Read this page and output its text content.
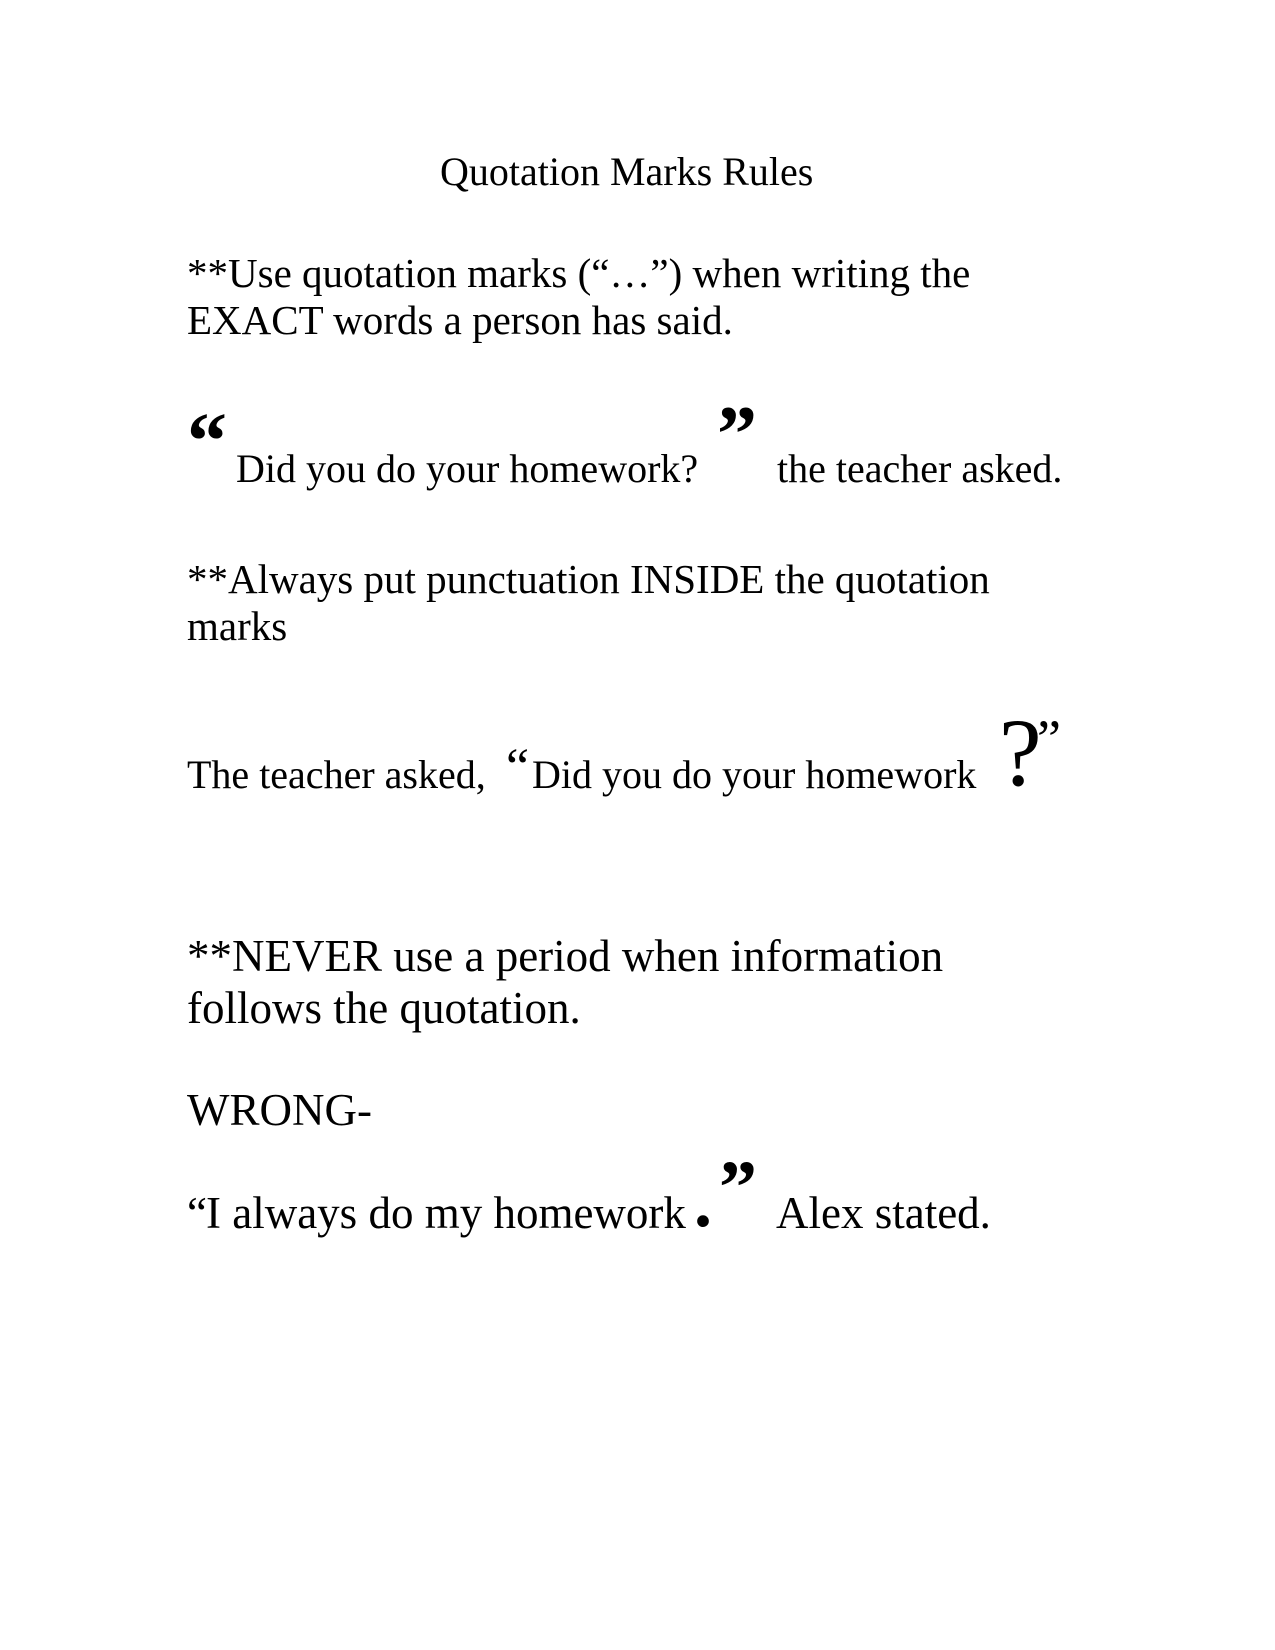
Quotation Marks Rules
**Use quotation marks (“…”) when writing the
EXACT words a person has said.
“ Did you do your homework? ” the teacher asked.
**Always put punctuation INSIDE the quotation
marks
The teacher asked, “ Did you do your homework ?
”
**NEVER use a period when information
follows the quotation.
WRONG-
“ I always do my homework . ” Alex stated.
